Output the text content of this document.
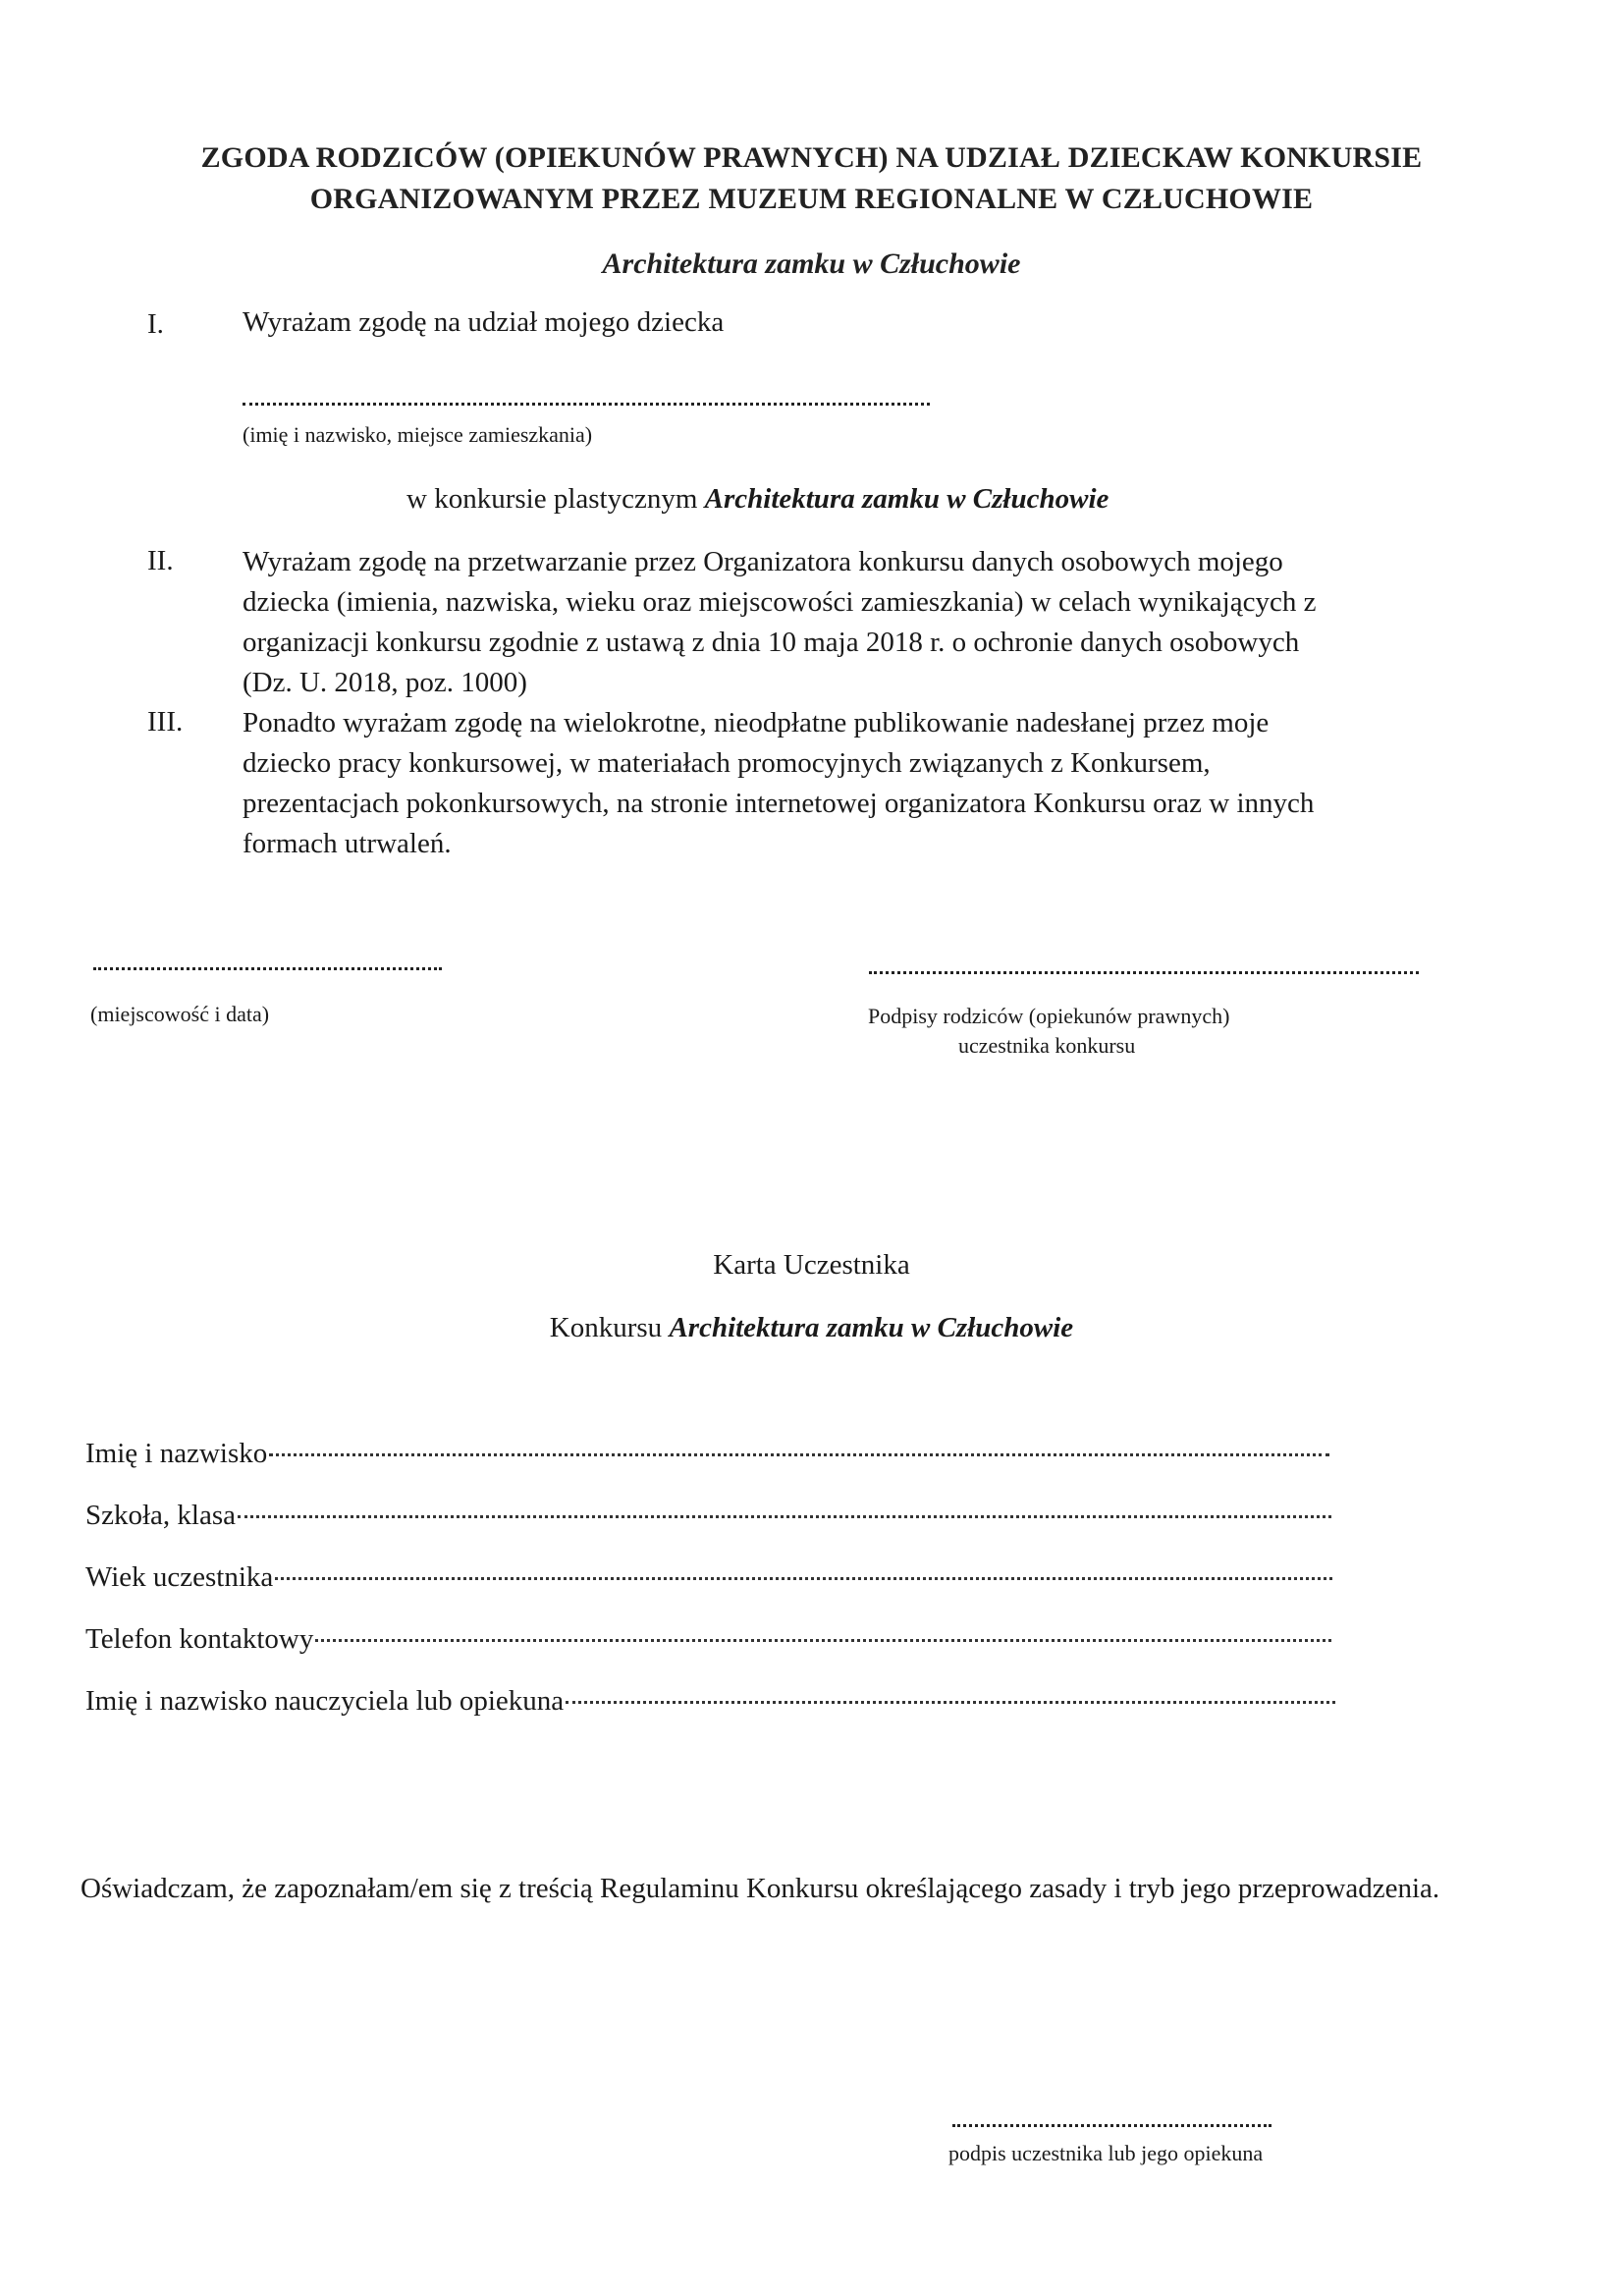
ZGODA RODZICÓW (OPIEKUNÓW PRAWNYCH) NA UDZIAŁ DZIECKAW KONKURSIE
ORGANIZOWANYM PRZEZ MUZEUM REGIONALNE W CZŁUCHOWIE
Architektura zamku w Człuchowie
I.	Wyrażam zgodę na udział mojego dziecka
(imię i nazwisko, miejsce zamieszkania)
w konkursie plastycznym Architektura zamku w Człuchowie
II. Wyrażam zgodę na przetwarzanie przez Organizatora konkursu danych osobowych mojego
dziecka (imienia, nazwiska, wieku oraz miejscowości zamieszkania) w celach wynikających z
organizacji konkursu zgodnie z ustawą z dnia 10 maja 2018 r. o ochronie danych osobowych
(Dz. U. 2018, poz. 1000)
III. Ponadto wyrażam zgodę na wielokrotne, nieodpłatne publikowanie nadesłanej przez moje
dziecko pracy konkursowej, w materiałach promocyjnych związanych z Konkursem,
prezentacjach pokonkursowych, na stronie internetowej organizatora Konkursu oraz w innych
formach utrwaleń.
(miejscowość i data)	Podpisy rodziców (opiekunów prawnych)
uczestnika konkursu
Karta Uczestnika
Konkursu Architektura zamku w Człuchowie
Imię i nazwisko
Szkoła, klasa
Wiek uczestnika
Telefon kontaktowy
Imię i nazwisko nauczyciela lub opiekuna
Oświadczam, że zapoznałam/em się z treścią Regulaminu Konkursu określającego zasady i tryb jego przeprowadzenia.
podpis uczestnika lub jego opiekuna
